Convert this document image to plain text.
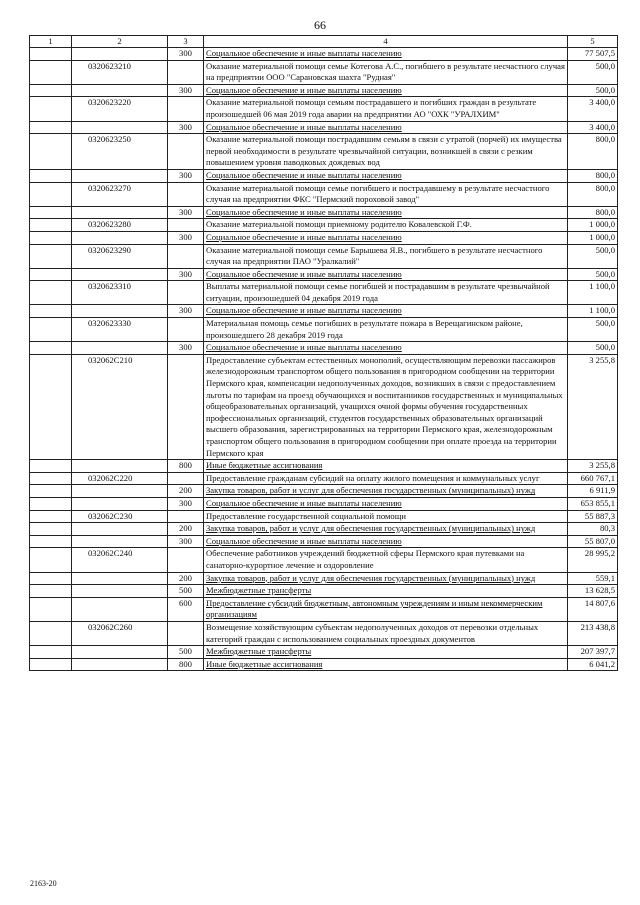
66
1	2	3	4	5
		300	Социальное обеспечение и иные выплаты населению	77 507,5
	0320623210		Оказание материальной помощи семье Котегова А.С., погибшего в результате несчастного случая на предприятии ООО "Сарановская шахта "Рудная"	500,0
		300	Социальное обеспечение и иные выплаты населению	500,0
	0320623220		Оказание материальной помощи семьям пострадавшего и погибших граждан в результате произошедшей 06 мая 2019 года аварии на предприятии АО "ОХК "УРАЛХИМ"	3 400,0
		300	Социальное обеспечение и иные выплаты населению	3 400,0
	0320623250		Оказание материальной помощи пострадавшим семьям в связи с утратой (порчей) их имущества первой необходимости в результате чрезвычайной ситуации, возникшей в связи с резким повышением уровня паводковых дождевых вод	800,0
		300	Социальное обеспечение и иные выплаты населению	800,0
	0320623270		Оказание материальной помощи семье погибшего и пострадавшему в результате несчастного случая на предприятии ФКС "Пермский пороховой завод"	800,0
		300	Социальное обеспечение и иные выплаты населению	800,0
	0320623280		Оказание материальной помощи приемному родителю Ковалевской Г.Ф.	1 000,0
		300	Социальное обеспечение и иные выплаты населению	1 000,0
	0320623290		Оказание материальной помощи семье Барышева Я.В., погибшего в результате несчастного случая на предприятии ПАО "Уралкалий"	500,0
		300	Социальное обеспечение и иные выплаты населению	500,0
	0320623310		Выплаты материальной помощи семье погибшей и пострадавшим в результате чрезвычайной ситуации, произошедшей 04 декабря 2019 года	1 100,0
		300	Социальное обеспечение и иные выплаты населению	1 100,0
	0320623330		Материальная помощь семье погибших в результате пожара в Верещагинском районе, произошедшего 28 декабря 2019 года	500,0
		300	Социальное обеспечение и иные выплаты населению	500,0
	032062С210		Предоставление субъектам естественных монополий, осуществляющим перевозки пассажиров железнодорожным транспортом общего пользования в пригородном сообщении на территории Пермского края, компенсации недополученных доходов, возникших в связи с предоставлением льготы по тарифам на проезд обучающихся и воспитанников государственных и муниципальных общеобразовательных организаций, учащихся очной формы обучения государственных профессиональных организаций, студентов государственных образовательных организаций высшего образования, зарегистрированных на территории Пермского края, железнодорожным транспортом общего пользования в пригородном сообщении при оплате проезда на территории Пермского края	3 255,8
		800	Иные бюджетные ассигнования	3 255,8
	032062С220		Предоставление гражданам субсидий на оплату жилого помещения и коммунальных услуг	660 767,1
		200	Закупка товаров, работ и услуг для обеспечения государственных (муниципальных) нужд	6 911,9
		300	Социальное обеспечение и иные выплаты населению	653 855,1
	032062С230		Предоставление государственной социальной помощи	55 887,3
		200	Закупка товаров, работ и услуг для обеспечения государственных (муниципальных) нужд	80,3
		300	Социальное обеспечение и иные выплаты населению	55 807,0
	032062С240		Обеспечение работников учреждений бюджетной сферы Пермского края путевками на санаторно-курортное лечение и оздоровление	28 995,2
		200	Закупка товаров, работ и услуг для обеспечения государственных (муниципальных) нужд	559,1
		500	Межбюджетные трансферты	13 628,5
		600	Предоставление субсидий бюджетным, автономным учреждениям и иным некоммерческим организациям	14 807,6
	032062С260		Возмещение хозяйствующим субъектам недополученных доходов от перевозки отдельных категорий граждан с использованием социальных проездных документов	213 438,8
		500	Межбюджетные трансферты	207 397,7
		800	Иные бюджетные ассигнования	6 041,2
2163-20
